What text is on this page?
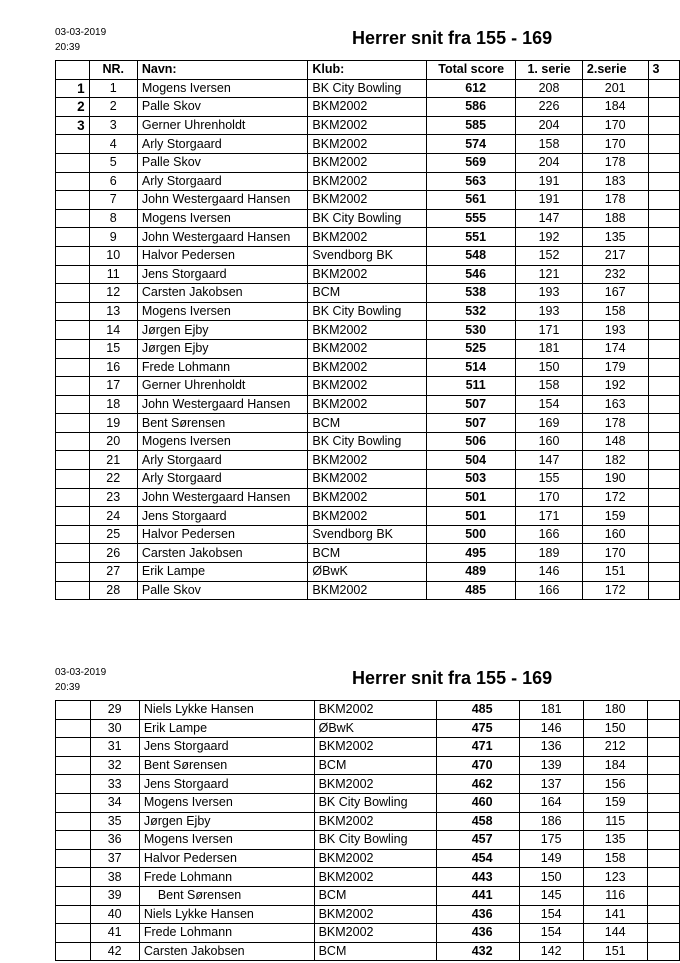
03-03-2019
20:39	Herrer snit fra 155 - 169
	NR.	Navn:	Klub:	Total score	1. serie	2.serie	3
1	1	Mogens Iversen	BK City Bowling	612	208	201	
2	2	Palle Skov	BKM2002	586	226	184	
3	3	Gerner Uhrenholdt	BKM2002	585	204	170	
	4	Arly Storgaard	BKM2002	574	158	170	
	5	Palle Skov	BKM2002	569	204	178	
	6	Arly Storgaard	BKM2002	563	191	183	
	7	John Westergaard Hansen	BKM2002	561	191	178	
	8	Mogens Iversen	BK City Bowling	555	147	188	
	9	John Westergaard Hansen	BKM2002	551	192	135	
	10	Halvor Pedersen	Svendborg BK	548	152	217	
	11	Jens Storgaard	BKM2002	546	121	232	
	12	Carsten Jakobsen	BCM	538	193	167	
	13	Mogens Iversen	BK City Bowling	532	193	158	
	14	Jørgen Ejby	BKM2002	530	171	193	
	15	Jørgen Ejby	BKM2002	525	181	174	
	16	Frede Lohmann	BKM2002	514	150	179	
	17	Gerner Uhrenholdt	BKM2002	511	158	192	
	18	John Westergaard Hansen	BKM2002	507	154	163	
	19	Bent Sørensen	BCM	507	169	178	
	20	Mogens Iversen	BK City Bowling	506	160	148	
	21	Arly Storgaard	BKM2002	504	147	182	
	22	Arly Storgaard	BKM2002	503	155	190	
	23	John Westergaard Hansen	BKM2002	501	170	172	
	24	Jens Storgaard	BKM2002	501	171	159	
	25	Halvor Pedersen	Svendborg BK	500	166	160	
	26	Carsten Jakobsen	BCM	495	189	170	
	27	Erik Lampe	ØBwK	489	146	151	
	28	Palle Skov	BKM2002	485	166	172	
03-03-2019
20:39	Herrer snit fra 155 - 169
	29	Niels Lykke Hansen	BKM2002	485	181	180	
	30	Erik Lampe	ØBwK	475	146	150	
	31	Jens Storgaard	BKM2002	471	136	212	
	32	Bent Sørensen	BCM	470	139	184	
	33	Jens Storgaard	BKM2002	462	137	156	
	34	Mogens Iversen	BK City Bowling	460	164	159	
	35	Jørgen Ejby	BKM2002	458	186	115	
	36	Mogens Iversen	BK City Bowling	457	175	135	
	37	Halvor Pedersen	BKM2002	454	149	158	
	38	Frede Lohmann	BKM2002	443	150	123	
	39	Bent Sørensen	BCM	441	145	116	
	40	Niels Lykke Hansen	BKM2002	436	154	141	
	41	Frede Lohmann	BKM2002	436	154	144	
	42	Carsten Jakobsen	BCM	432	142	151	
